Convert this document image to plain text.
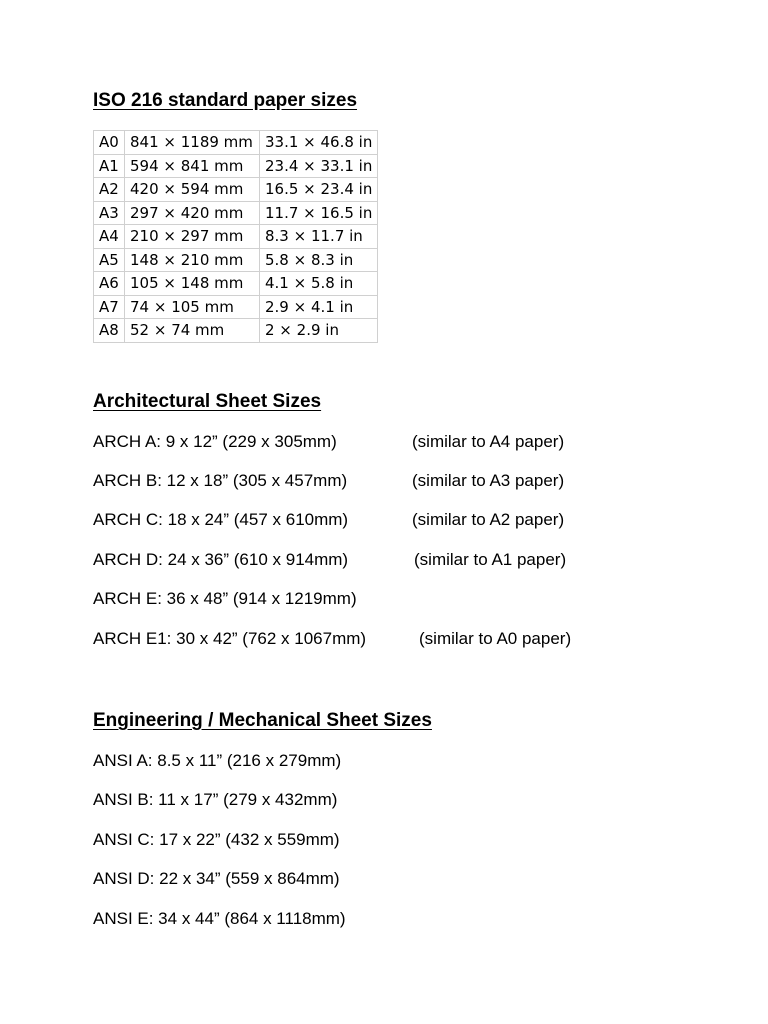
ISO 216 standard paper sizes
A0	841 × 1189 mm	33.1 × 46.8 in
A1	594 × 841 mm	23.4 × 33.1 in
A2	420 × 594 mm	16.5 × 23.4 in
A3	297 × 420 mm	11.7 × 16.5 in
A4	210 × 297 mm	8.3 × 11.7 in
A5	148 × 210 mm	5.8 × 8.3 in
A6	105 × 148 mm	4.1 × 5.8 in
A7	74 × 105 mm	2.9 × 4.1 in
A8	52 × 74 mm	2 × 2.9 in
Architectural Sheet Sizes
ARCH A: 9 x 12” (229 x 305mm)	(similar to A4 paper)
ARCH B: 12 x 18” (305 x 457mm)	(similar to A3 paper)
ARCH C: 18 x 24” (457 x 610mm)	(similar to A2 paper)
ARCH D: 24 x 36” (610 x 914mm)	(similar to A1 paper)
ARCH E: 36 x 48” (914 x 1219mm)
ARCH E1: 30 x 42” (762 x 1067mm)	(similar to A0 paper)
Engineering / Mechanical Sheet Sizes
ANSI A: 8.5 x 11” (216 x 279mm)
ANSI B: 11 x 17” (279 x 432mm)
ANSI C: 17 x 22” (432 x 559mm)
ANSI D: 22 x 34” (559 x 864mm)
ANSI E: 34 x 44” (864 x 1118mm)
